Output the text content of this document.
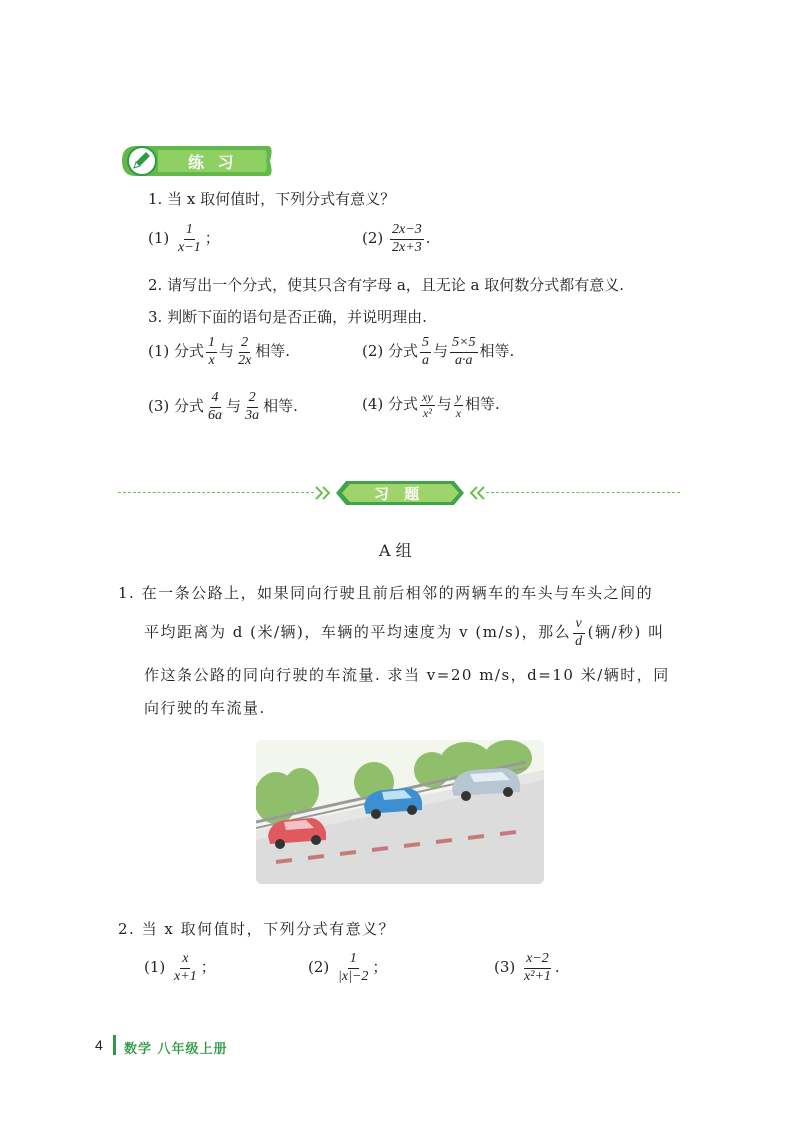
练 习
1. 当 x 取何值时，下列分式有意义？
$(1) \frac{1}{x-1}$ ；	$(2) \frac{2x-3}{2x+3}$ .
2. 请写出一个分式，使其只含有字母 a，且无论 a 取何数分式都有意义.
3. 判断下面的语句是否正确，并说明理由.
(1) 分式 $\frac{1}{x}$ 与 $\frac{2}{2x}$ 相等.	(2) 分式 $\frac{5}{a}$ 与 $\frac{5\times 5}{a\cdot a}$ 相等.
(3) 分式 $\frac{4}{6a}$ 与 $\frac{2}{3a}$ 相等.	(4) 分式 $\frac{xy}{\text{x²}}$ 与 $\frac{y}{x}$ 相等.
习 题
A 组
1. 在一条公路上，如果同向行驶且前后相邻的两辆车的车头与车头之间的
平均距离为 d (米/辆)，车辆的平均速度为 v (m/s)，那么 $\frac{v}{d}$ (辆/秒) 叫
作这条公路的同向行驶的车流量. 求当 v=20 m/s，d=10 米/辆时，同
向行驶的车流量.
2. 当 x 取何值时，下列分式有意义？
$(1) \frac{x}{x+1}$ ；	$(2) \frac{1}{|x|-2}$ ；	$(3) \frac{x-2}{\text{x²+1}}$ .
4 数学 八年级上册
